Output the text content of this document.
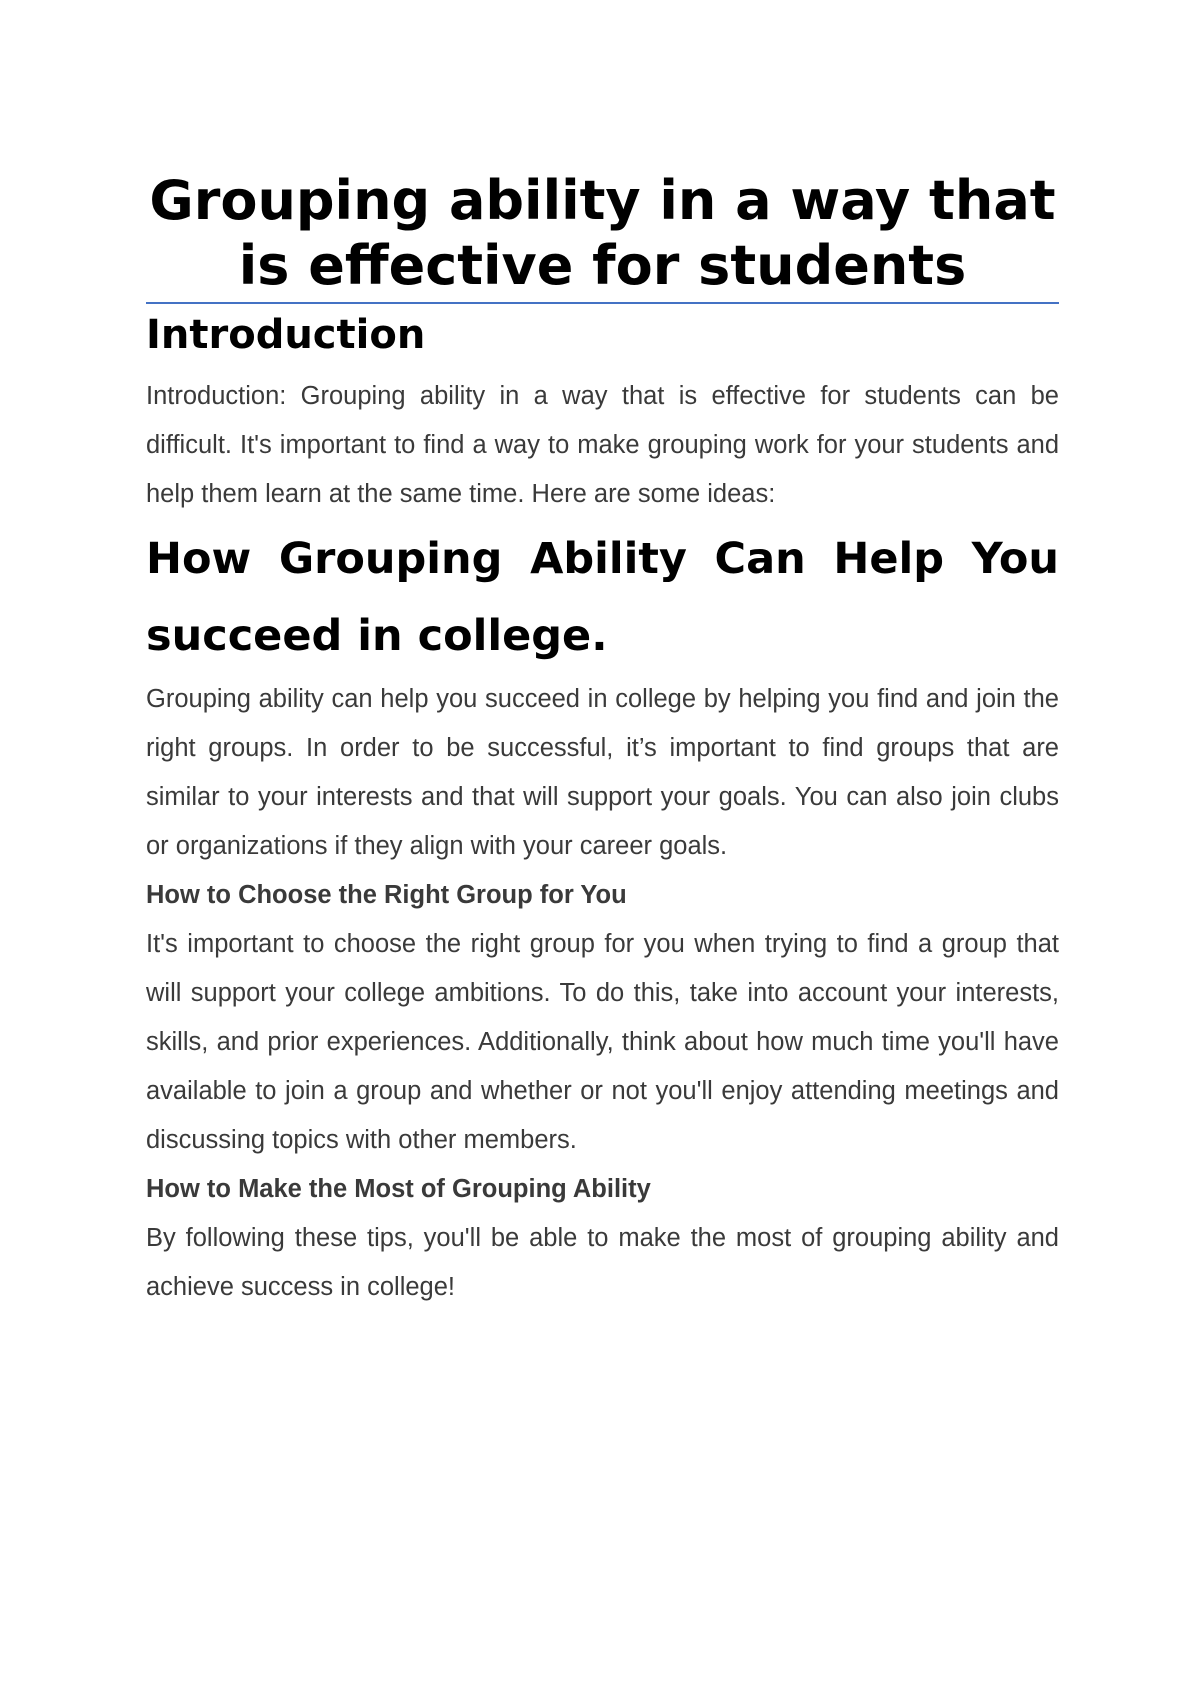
Grouping ability in a way that is effective for students
Introduction

Introduction: Grouping ability in a way that is effective for students can be difficult. It's important to find a way to make grouping work for your students and help them learn at the same time. Here are some ideas:

How Grouping Ability Can Help You succeed in college.

Grouping ability can help you succeed in college by helping you find and join the right groups. In order to be successful, it’s important to find groups that are similar to your interests and that will support your goals. You can also join clubs or organizations if they align with your career goals.

How to Choose the Right Group for You

It's important to choose the right group for you when trying to find a group that will support your college ambitions. To do this, take into account your interests, skills, and prior experiences. Additionally, think about how much time you'll have available to join a group and whether or not you'll enjoy attending meetings and discussing topics with other members.

How to Make the Most of Grouping Ability

By following these tips, you'll be able to make the most of grouping ability and achieve success in college!
